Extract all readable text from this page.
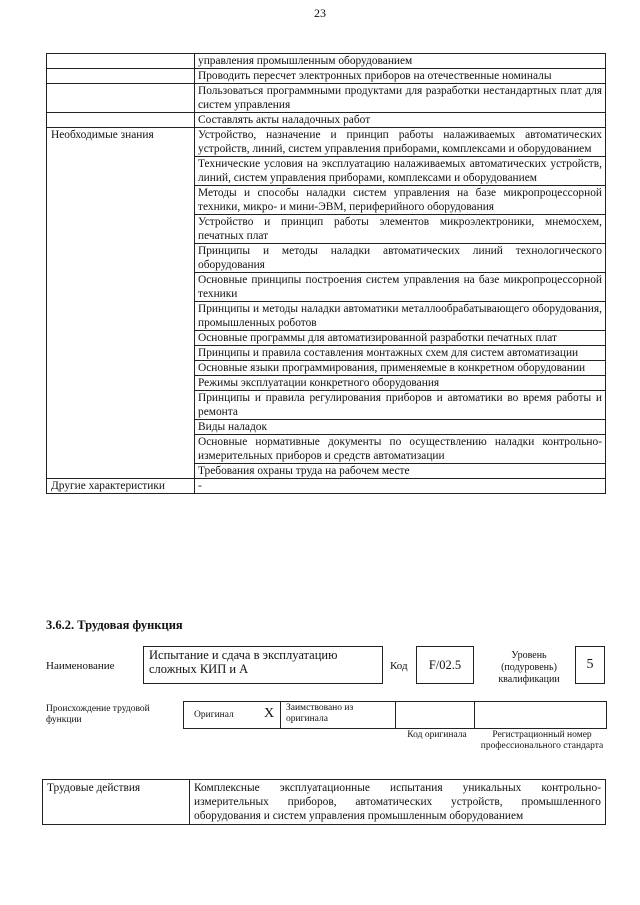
23
	управления промышленным оборудованием
	Проводить пересчет электронных приборов на отечественные номиналы
	Пользоваться программными продуктами для разработки нестандартных плат для систем управления
	Составлять акты наладочных работ
Необходимые знания	Устройство, назначение и принцип работы налаживаемых автоматических устройств, линий, систем управления приборами, комплексами и оборудованием
	Технические условия на эксплуатацию налаживаемых автоматических устройств, линий, систем управления приборами, комплексами и оборудованием
	Методы и способы наладки систем управления на базе микропроцессорной техники, микро- и мини-ЭВМ, периферийного оборудования
	Устройство и принцип работы элементов микроэлектроники, мнемосхем, печатных плат
	Принципы и методы наладки автоматических линий технологического оборудования
	Основные принципы построения систем управления на базе микропроцессорной техники
	Принципы и методы наладки автоматики металлообрабатывающего оборудования, промышленных роботов
	Основные программы для автоматизированной разработки печатных плат
	Принципы и правила составления монтажных схем для систем автоматизации
	Основные языки программирования, применяемые в конкретном оборудовании
	Режимы эксплуатации конкретного оборудования
	Принципы и правила регулирования приборов и автоматики во время работы и ремонта
	Виды наладок
	Основные нормативные документы по осуществлению наладки контрольно-измерительных приборов и средств автоматизации
	Требования охраны труда на рабочем месте
Другие характеристики	-
3.6.2. Трудовая функция
Наименование
Испытание и сдача в эксплуатацию сложных КИП и А	Код	F/02.5
Уровень (подуровень) квалификации
5
Происхождение трудовой функции	Оригинал X Заимствовано из оригинала
Код оригинала	Регистрационный номер профессионального стандарта
Трудовые действия	Комплексные эксплуатационные испытания уникальных контрольно-измерительных приборов, автоматических устройств, промышленного оборудования и систем управления промышленным оборудованием
